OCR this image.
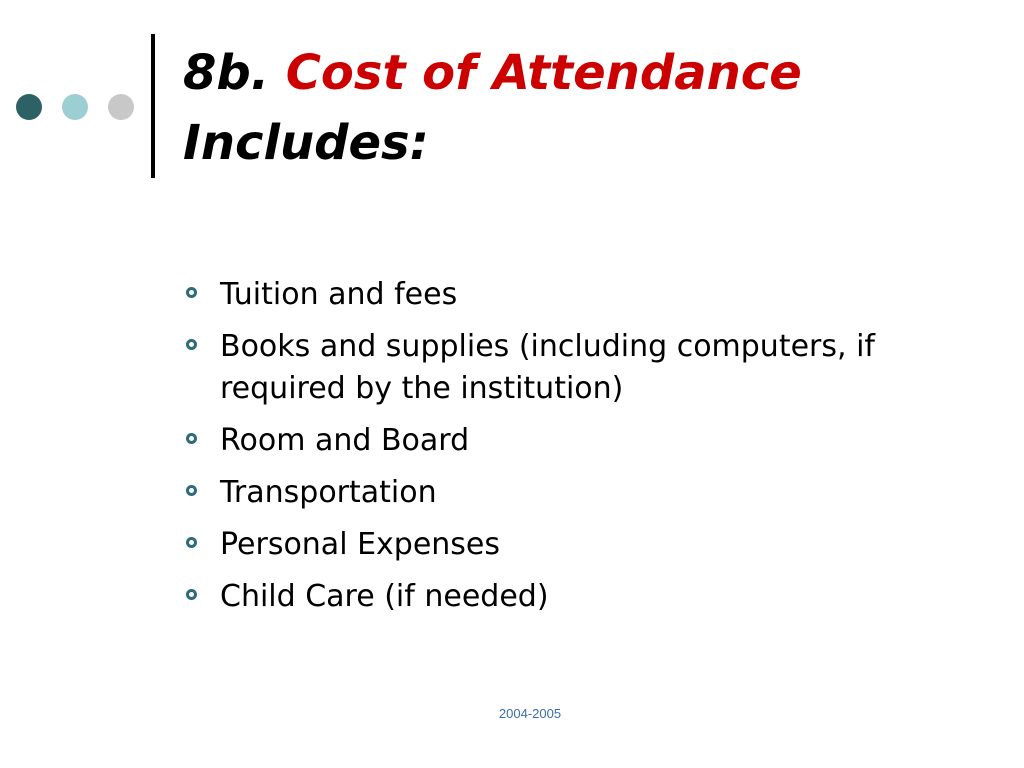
8b. Cost of Attendance
Includes:
Tuition and fees
Books and supplies (including computers, if required by the institution)
Room and Board
Transportation
Personal Expenses
Child Care (if needed)
2004-2005
